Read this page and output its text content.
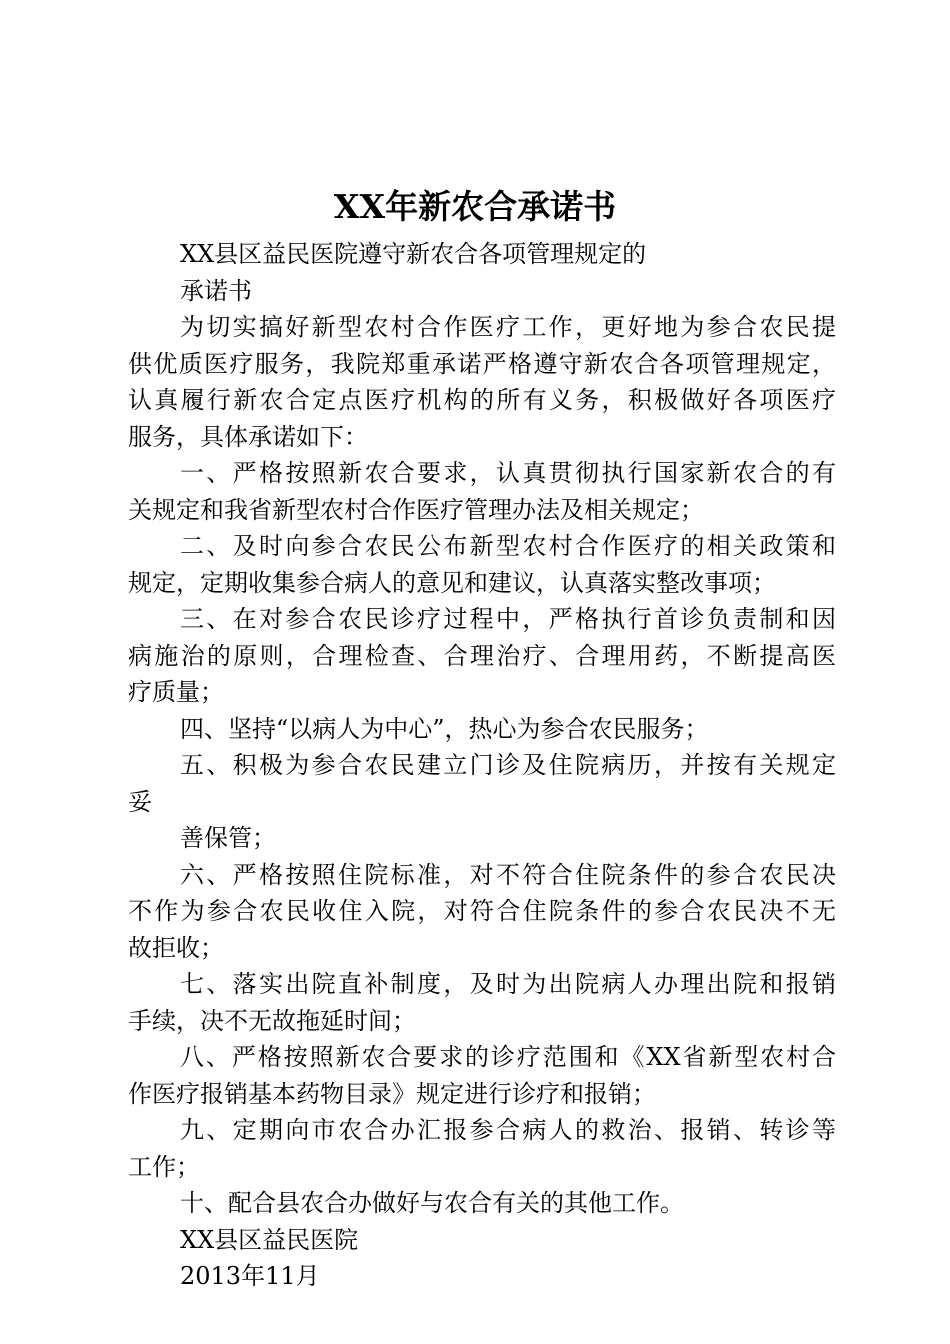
XX年新农合承诺书
XX县区益民医院遵守新农合各项管理规定的
承诺书
为切实搞好新型农村合作医疗工作，更好地为参合农民提
供优质医疗服务，我院郑重承诺严格遵守新农合各项管理规定，
认真履行新农合定点医疗机构的所有义务，积极做好各项医疗
服务，具体承诺如下：
一、严格按照新农合要求，认真贯彻执行国家新农合的有
关规定和我省新型农村合作医疗管理办法及相关规定；
二、及时向参合农民公布新型农村合作医疗的相关政策和
规定，定期收集参合病人的意见和建议，认真落实整改事项；
三、在对参合农民诊疗过程中，严格执行首诊负责制和因
病施治的原则，合理检查、合理治疗、合理用药，不断提高医
疗质量；
四、坚持“以病人为中心”，热心为参合农民服务；
五、积极为参合农民建立门诊及住院病历，并按有关规定
妥
善保管；
六、严格按照住院标准，对不符合住院条件的参合农民决
不作为参合农民收住入院，对符合住院条件的参合农民决不无
故拒收；
七、落实出院直补制度，及时为出院病人办理出院和报销
手续，决不无故拖延时间；
八、严格按照新农合要求的诊疗范围和《XX省新型农村合
作医疗报销基本药物目录》规定进行诊疗和报销；
九、定期向市农合办汇报参合病人的救治、报销、转诊等
工作；
十、配合县农合办做好与农合有关的其他工作。
XX县区益民医院
2013年11月
